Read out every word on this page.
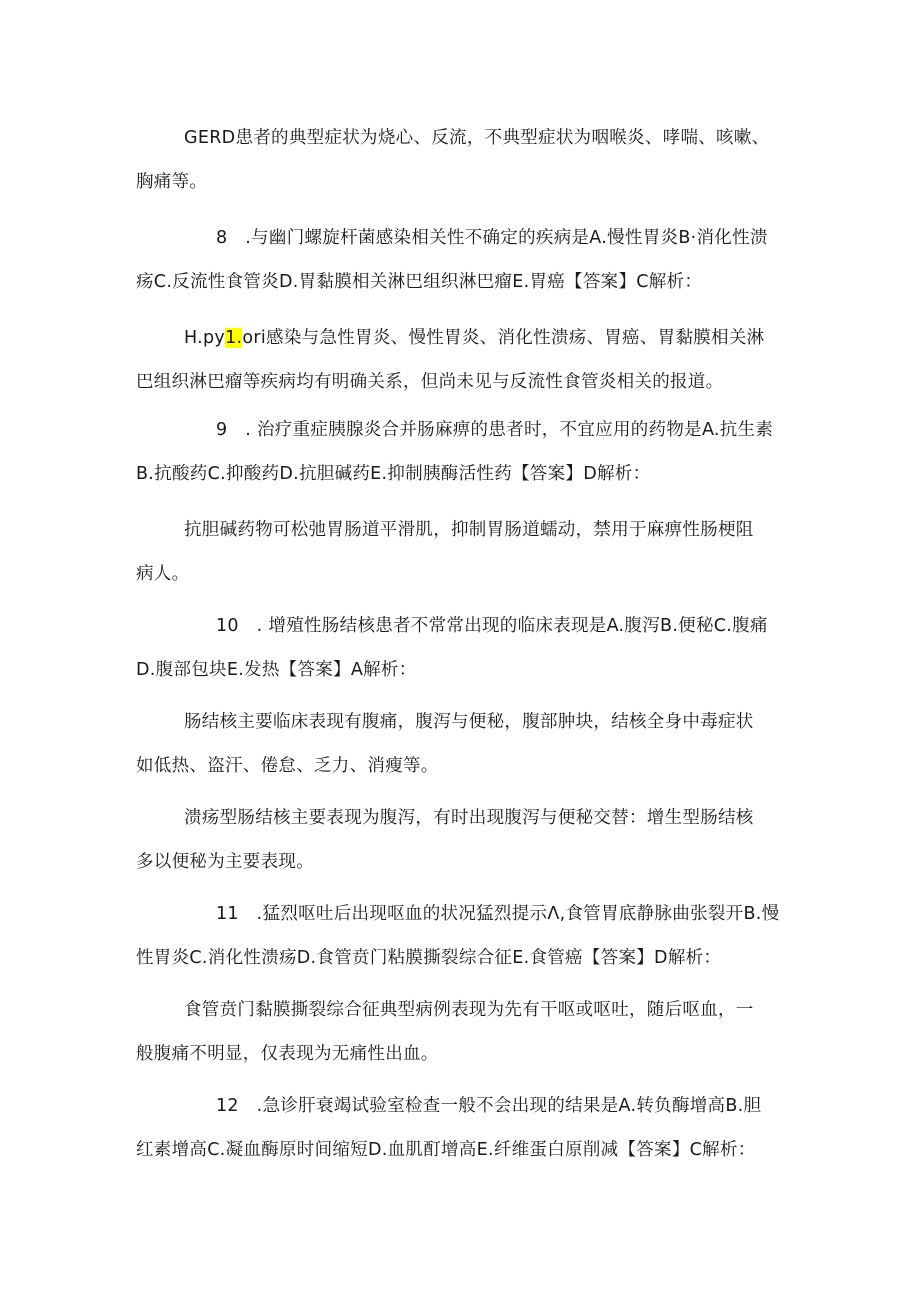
GERD患者的典型症状为烧心、反流，不典型症状为咽喉炎、哮喘、咳嗽、
胸痛等。

8　.与幽门螺旋杆菌感染相关性不确定的疾病是A.慢性胃炎B·消化性溃
疡C.反流性食管炎D.胃黏膜相关淋巴组织淋巴瘤E.胃癌【答案】C解析：

H.py1.ori感染与急性胃炎、慢性胃炎、消化性溃疡、胃癌、胃黏膜相关淋
巴组织淋巴瘤等疾病均有明确关系，但尚未见与反流性食管炎相关的报道。

9　. 治疗重症胰腺炎合并肠麻痹的患者时，不宜应用的药物是A.抗生素
B.抗酸药C.抑酸药D.抗胆碱药E.抑制胰酶活性药【答案】D解析：

抗胆碱药物可松弛胃肠道平滑肌，抑制胃肠道蠕动，禁用于麻痹性肠梗阻
病人。

10　. 增殖性肠结核患者不常常出现的临床表现是A.腹泻B.便秘C.腹痛
D.腹部包块E.发热【答案】A解析：

肠结核主要临床表现有腹痛，腹泻与便秘，腹部肿块，结核全身中毒症状
如低热、盗汗、倦怠、乏力、消瘦等。

溃疡型肠结核主要表现为腹泻，有时出现腹泻与便秘交替：增生型肠结核
多以便秘为主要表现。

11　.猛烈呕吐后出现呕血的状况猛烈提示Λ,食管胃底静脉曲张裂开B.慢
性胃炎C.消化性溃疡D.食管贲门粘膜撕裂综合征E.食管癌【答案】D解析：

食管贲门黏膜撕裂综合征典型病例表现为先有干呕或呕吐，随后呕血，一
般腹痛不明显，仅表现为无痛性出血。

12　.急诊肝衰竭试验室检查一般不会出现的结果是A.转负酶增高B.胆
红素增高C.凝血酶原时间缩短D.血肌酊增高E.纤维蛋白原削减【答案】C解析：
